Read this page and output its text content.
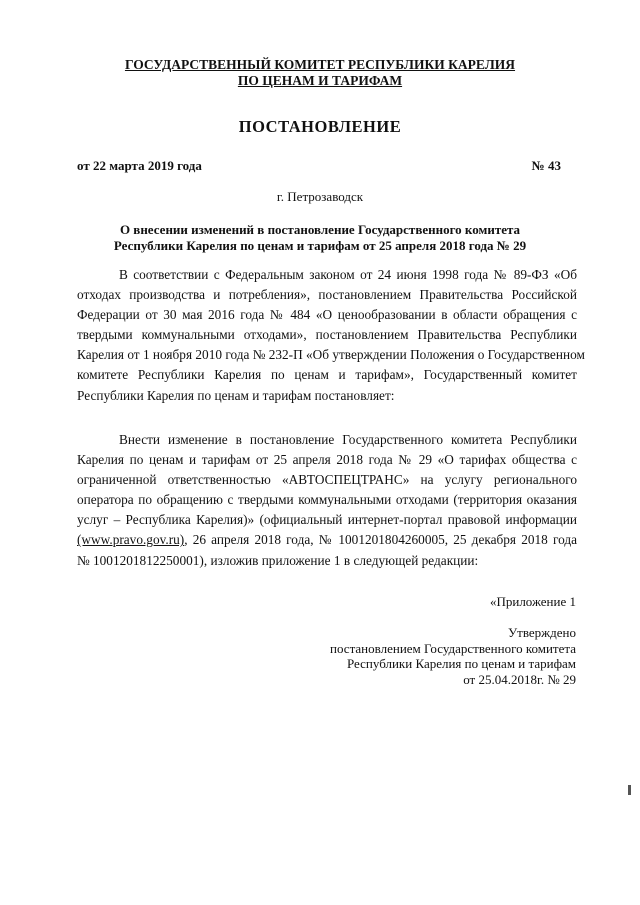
ГОСУДАРСТВЕННЫЙ КОМИТЕТ РЕСПУБЛИКИ КАРЕЛИЯ
ПО ЦЕНАМ И ТАРИФАМ
ПОСТАНОВЛЕНИЕ
от 22 марта 2019 года	№ 43
г. Петрозаводск
О внесении изменений в постановление Государственного комитета
Республики Карелия по ценам и тарифам от 25 апреля 2018 года № 29
В соответствии с Федеральным законом от 24 июня 1998 года № 89-ФЗ «Об
отходах производства и потребления», постановлением Правительства Российской
Федерации от 30 мая 2016 года № 484 «О ценообразовании в области обращения с
твердыми коммунальными отходами», постановлением Правительства Республики
Карелия от 1 ноября 2010 года № 232-П «Об утверждении Положения о Государственном
комитете Республики Карелия по ценам и тарифам», Государственный комитет
Республики Карелия по ценам и тарифам постановляет:
Внести изменение в постановление Государственного комитета Республики
Карелия по ценам и тарифам от 25 апреля 2018 года № 29 «О тарифах общества с
ограниченной ответственностью «АВТОСПЕЦТРАНС» на услугу регионального
оператора по обращению с твердыми коммунальными отходами (территория оказания
услуг – Республика Карелия)» (официальный интернет-портал правовой информации
(www.pravo.gov.ru), 26 апреля 2018 года, № 1001201804260005, 25 декабря 2018 года
№ 1001201812250001), изложив приложение 1 в следующей редакции:
«Приложение 1
Утверждено
постановлением Государственного комитета
Республики Карелия по ценам и тарифам
от 25.04.2018г. № 29
